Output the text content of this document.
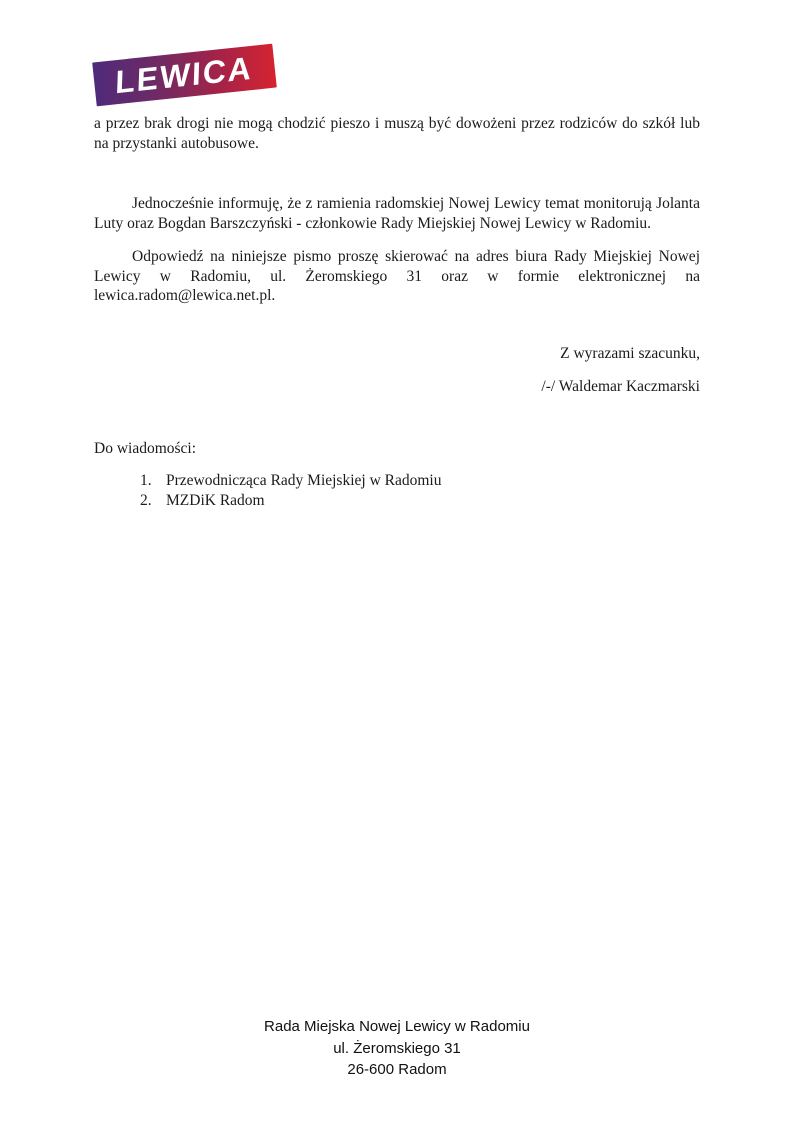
LEWICA

a przez brak drogi nie mogą chodzić pieszo i muszą być dowożeni przez rodziców do szkół lub na przystanki autobusowe.

Jednocześnie informuję, że z ramienia radomskiej Nowej Lewicy temat monitorują Jolanta Luty oraz Bogdan Barszczyński - członkowie Rady Miejskiej Nowej Lewicy w Radomiu.

Odpowiedź na niniejsze pismo proszę skierować na adres biura Rady Miejskiej Nowej Lewicy w Radomiu, ul. Żeromskiego 31 oraz w formie elektronicznej na lewica.radom@lewica.net.pl.

Z wyrazami szacunku,
/-/ Waldemar Kaczmarski
Do wiadomości:
1. Przewodnicząca Rady Miejskiej w Radomiu
2. MZDiK Radom
Rada Miejska Nowej Lewicy w Radomiu
ul. Żeromskiego 31
26-600 Radom
